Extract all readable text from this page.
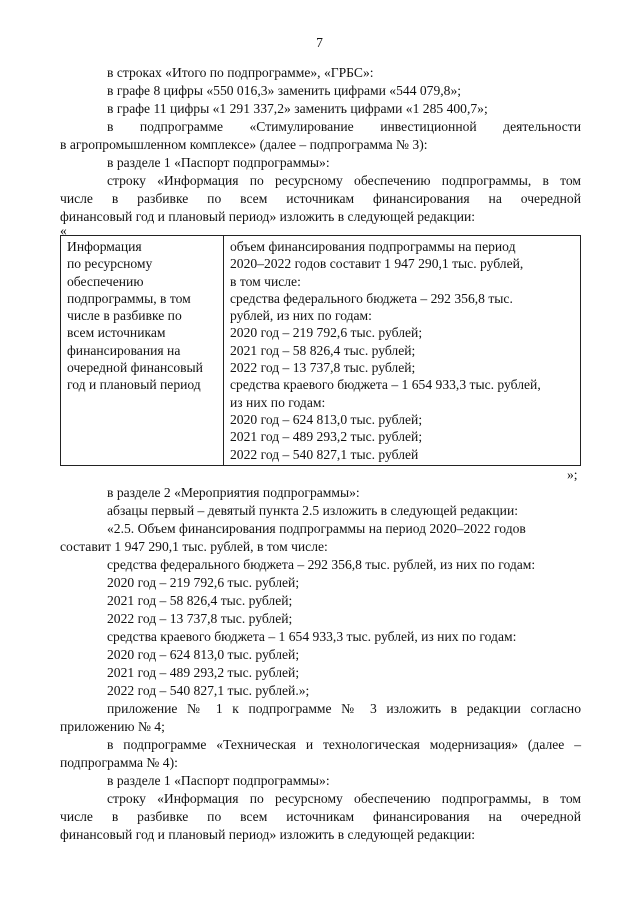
7
в строках «Итого по подпрограмме», «ГРБС»:
в графе 8 цифры «550 016,3» заменить цифрами «544 079,8»;
в графе 11 цифры «1 291 337,2» заменить цифрами «1 285 400,7»;
в подпрограмме «Стимулирование инвестиционной деятельности
в агропромышленном комплексе» (далее – подпрограмма № 3):
в разделе 1 «Паспорт подпрограммы»:
строку «Информация по ресурсному обеспечению подпрограммы, в том
числе в разбивке по всем источникам финансирования на очередной
финансовый год и плановый период» изложить в следующей редакции:
«
Информация
по ресурсному
обеспечению
подпрограммы, в том
числе в разбивке по
всем источникам
финансирования на
очередной финансовый
год и плановый период

объем финансирования подпрограммы на период
2020–2022 годов составит 1 947 290,1 тыс. рублей,
в том числе:
средства федерального бюджета – 292 356,8 тыс.
рублей, из них по годам:
2020 год – 219 792,6 тыс. рублей;
2021 год – 58 826,4 тыс. рублей;
2022 год – 13 737,8 тыс. рублей;
средства краевого бюджета – 1 654 933,3 тыс. рублей,
из них по годам:
2020 год – 624 813,0 тыс. рублей;
2021 год – 489 293,2 тыс. рублей;
2022 год – 540 827,1 тыс. рублей
»;
в разделе 2 «Мероприятия подпрограммы»:
абзацы первый – девятый пункта 2.5 изложить в следующей редакции:
«2.5. Объем финансирования подпрограммы на период 2020–2022 годов
составит 1 947 290,1 тыс. рублей, в том числе:
средства федерального бюджета – 292 356,8 тыс. рублей, из них по годам:
2020 год – 219 792,6 тыс. рублей;
2021 год – 58 826,4 тыс. рублей;
2022 год – 13 737,8 тыс. рублей;
средства краевого бюджета – 1 654 933,3 тыс. рублей, из них по годам:
2020 год – 624 813,0 тыс. рублей;
2021 год – 489 293,2 тыс. рублей;
2022 год – 540 827,1 тыс. рублей.»;
приложение № 1 к подпрограмме № 3 изложить в редакции согласно
приложению № 4;
в подпрограмме «Техническая и технологическая модернизация» (далее –
подпрограмма № 4):
в разделе 1 «Паспорт подпрограммы»:
строку «Информация по ресурсному обеспечению подпрограммы, в том
числе в разбивке по всем источникам финансирования на очередной
финансовый год и плановый период» изложить в следующей редакции:
